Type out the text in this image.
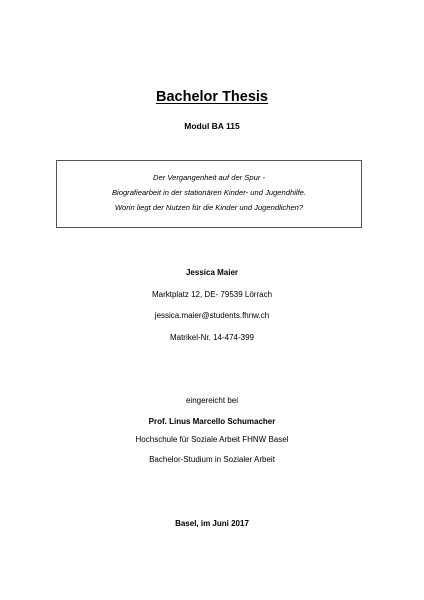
Bachelor Thesis
Modul BA 115
Der Vergangenheit auf der Spur -
Biografiearbeit in der stationären Kinder- und Jugendhilfe.
Worin liegt der Nutzen für die Kinder und Jugendlichen?
Jessica Maier
Marktplatz 12, DE- 79539 Lörrach
jessica.maier@students.fhnw.ch
Matrikel-Nr. 14-474-399
eingereicht bei
Prof. Linus Marcello Schumacher
Hochschule für Soziale Arbeit FHNW Basel
Bachelor-Studium in Sozialer Arbeit
Basel, im Juni 2017
